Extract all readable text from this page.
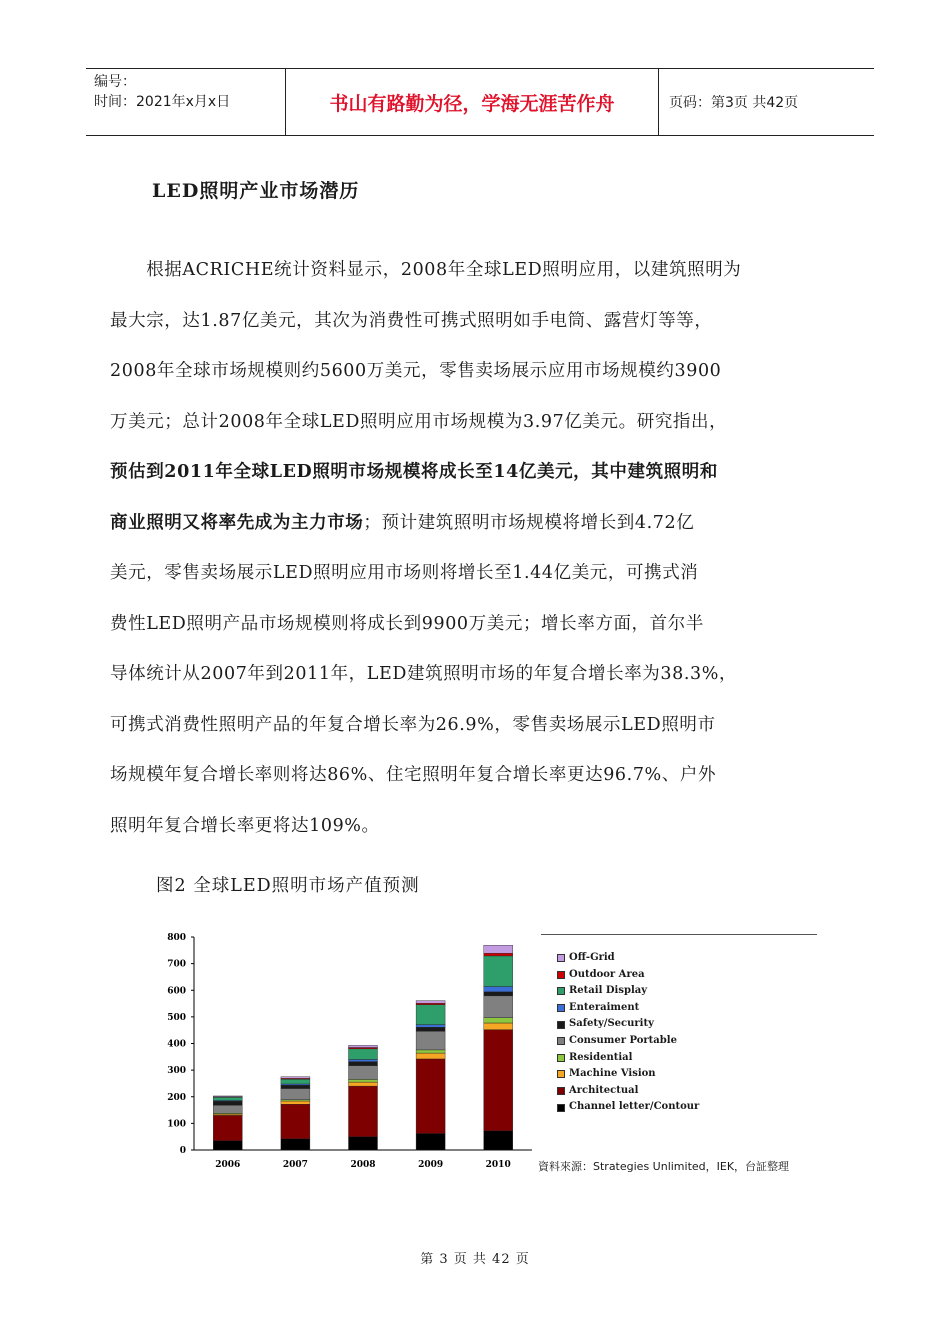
编号：
时间：2021年x月x日	书山有路勤为径，学海无涯苦作舟	页码：第3页 共42页
LED照明产业市场潜历
　　根据ACRICHE统计资料显示，2008年全球LED照明应用，以建筑照明为
最大宗，达1.87亿美元，其次为消费性可携式照明如手电筒、露营灯等等，
2008年全球市场规模则约5600万美元，零售卖场展示应用市场规模约3900
万美元；总计2008年全球LED照明应用市场规模为3.97亿美元。研究指出，
预估到2011年全球LED照明市场规模将成长至14亿美元，其中建筑照明和
商业照明又将率先成为主力市场；预计建筑照明市场规模将增长到4.72亿
美元，零售卖场展示LED照明应用市场则将增长至1.44亿美元，可携式消
费性LED照明产品市场规模则将成长到9900万美元；增长率方面，首尔半
导体统计从2007年到2011年，LED建筑照明市场的年复合增长率为38.3%，
可携式消费性照明产品的年复合增长率为26.9%，零售卖场展示LED照明市
场规模年复合增长率则将达86%、住宅照明年复合增长率更达96.7%、户外
照明年复合增长率更将达109%。
图2 全球LED照明市场产值预测
0
100
200
300
400
500
600
700
800
2006	2007	2008	2009	2010
Off-Grid
Outdoor Area
Retail Display
Enteraiment
Safety/Security
Consumer Portable
Residential
Machine Vision
Architectual
Channel letter/Contour
資料來源：Strategies Unlimited，IEK，台証整理
第 3 页 共 42 页
